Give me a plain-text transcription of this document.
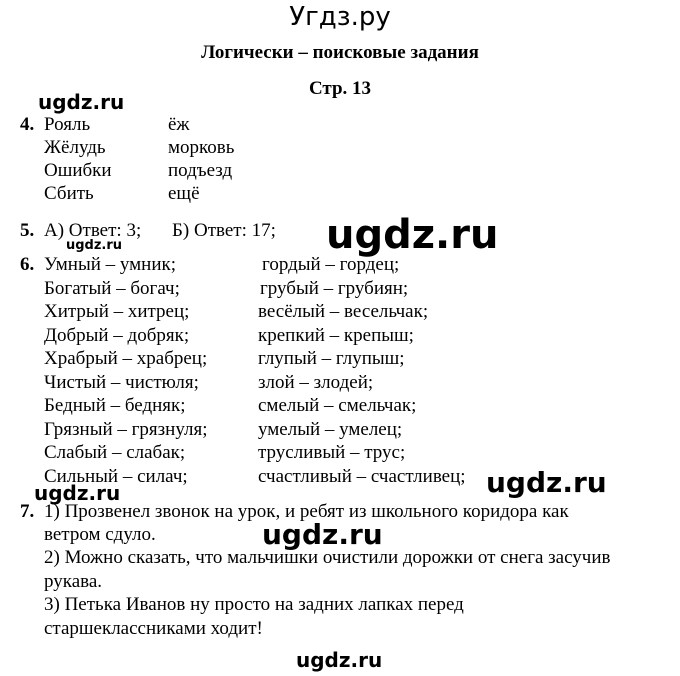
Угдз.ру
Логически – поисковые задания
Стр. 13
ugdz.ru
ugdz.ru
ugdz.ru
ugdz.ru
ugdz.ru
ugdz.ru
ugdz.ru
4. Рояль
Жёлудь
Ошибки
Сбить
ёж
морковь
подъезд
ещё
5. А) Ответ: 3; Б) Ответ: 17;
6. Умный – умник;
Богатый – богач;
Хитрый – хитрец;
Добрый – добряк;
Храбрый – храбрец;
Чистый – чистюля;
Бедный – бедняк;
Грязный – грязнуля;
Слабый – слабак;
Сильный – силач;
гордый – гордец;
грубый – грубиян;
весёлый – весельчак;
крепкий – крепыш;
глупый – глупыш;
злой – злодей;
смелый – смельчак;
умелый – умелец;
трусливый – трус;
счастливый – счастливец;
7. 1) Прозвенел звонок на урок, и ребят из школьного коридора как
ветром сдуло.
2) Можно сказать, что мальчишки очистили дорожки от снега засучив
рукава.
3) Петька Иванов ну просто на задних лапках перед
старшеклассниками ходит!
